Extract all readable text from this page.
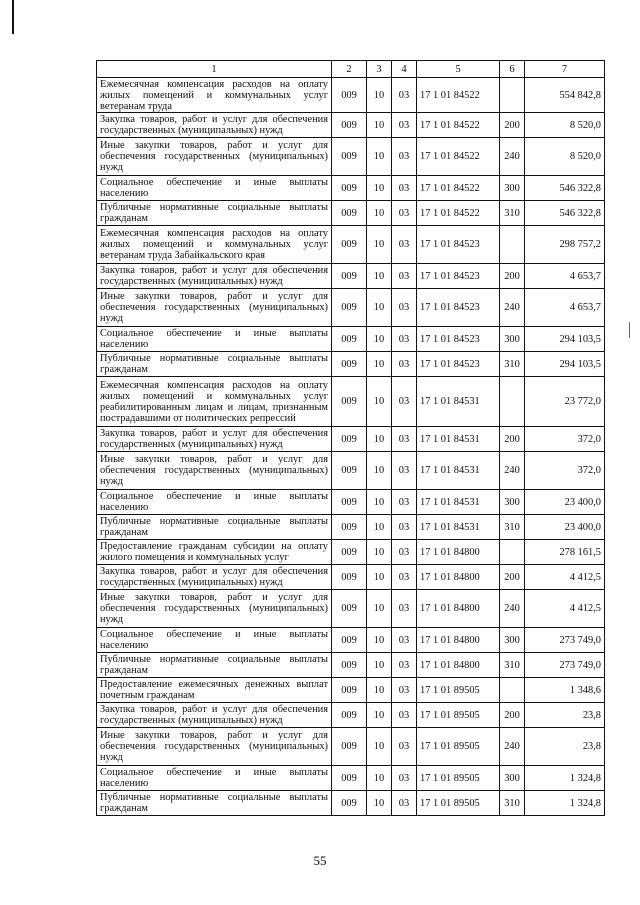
1	2	3	4	5	6	7
Ежемесячная компенсация расходов на оплату жилых помещений и коммунальных услуг ветеранам труда	009	10	03	17 1 01 84522		554 842,8
Закупка товаров, работ и услуг для обеспечения государственных (муниципальных) нужд	009	10	03	17 1 01 84522	200	8 520,0
Иные закупки товаров, работ и услуг для обеспечения государственных (муниципальных) нужд	009	10	03	17 1 01 84522	240	8 520,0
Социальное обеспечение и иные выплаты населению	009	10	03	17 1 01 84522	300	546 322,8
Публичные нормативные социальные выплаты гражданам	009	10	03	17 1 01 84522	310	546 322,8
Ежемесячная компенсация расходов на оплату жилых помещений и коммунальных услуг ветеранам труда Забайкальского края	009	10	03	17 1 01 84523		298 757,2
Закупка товаров, работ и услуг для обеспечения государственных (муниципальных) нужд	009	10	03	17 1 01 84523	200	4 653,7
Иные закупки товаров, работ и услуг для обеспечения государственных (муниципальных) нужд	009	10	03	17 1 01 84523	240	4 653,7
Социальное обеспечение и иные выплаты населению	009	10	03	17 1 01 84523	300	294 103,5
Публичные нормативные социальные выплаты гражданам	009	10	03	17 1 01 84523	310	294 103,5
Ежемесячная компенсация расходов на оплату жилых помещений и коммунальных услуг реабилитированным лицам и лицам, признанным пострадавшими от политических репрессий	009	10	03	17 1 01 84531		23 772,0
Закупка товаров, работ и услуг для обеспечения государственных (муниципальных) нужд	009	10	03	17 1 01 84531	200	372,0
Иные закупки товаров, работ и услуг для обеспечения государственных (муниципальных) нужд	009	10	03	17 1 01 84531	240	372,0
Социальное обеспечение и иные выплаты населению	009	10	03	17 1 01 84531	300	23 400,0
Публичные нормативные социальные выплаты гражданам	009	10	03	17 1 01 84531	310	23 400,0
Предоставление гражданам субсидии на оплату жилого помещения и коммунальных услуг	009	10	03	17 1 01 84800		278 161,5
Закупка товаров, работ и услуг для обеспечения государственных (муниципальных) нужд	009	10	03	17 1 01 84800	200	4 412,5
Иные закупки товаров, работ и услуг для обеспечения государственных (муниципальных) нужд	009	10	03	17 1 01 84800	240	4 412,5
Социальное обеспечение и иные выплаты населению	009	10	03	17 1 01 84800	300	273 749,0
Публичные нормативные социальные выплаты гражданам	009	10	03	17 1 01 84800	310	273 749,0
Предоставление ежемесячных денежных выплат почетным гражданам	009	10	03	17 1 01 89505		1 348,6
Закупка товаров, работ и услуг для обеспечения государственных (муниципальных) нужд	009	10	03	17 1 01 89505	200	23,8
Иные закупки товаров, работ и услуг для обеспечения государственных (муниципальных) нужд	009	10	03	17 1 01 89505	240	23,8
Социальное обеспечение и иные выплаты населению	009	10	03	17 1 01 89505	300	1 324,8
Публичные нормативные социальные выплаты гражданам	009	10	03	17 1 01 89505	310	1 324,8
55
